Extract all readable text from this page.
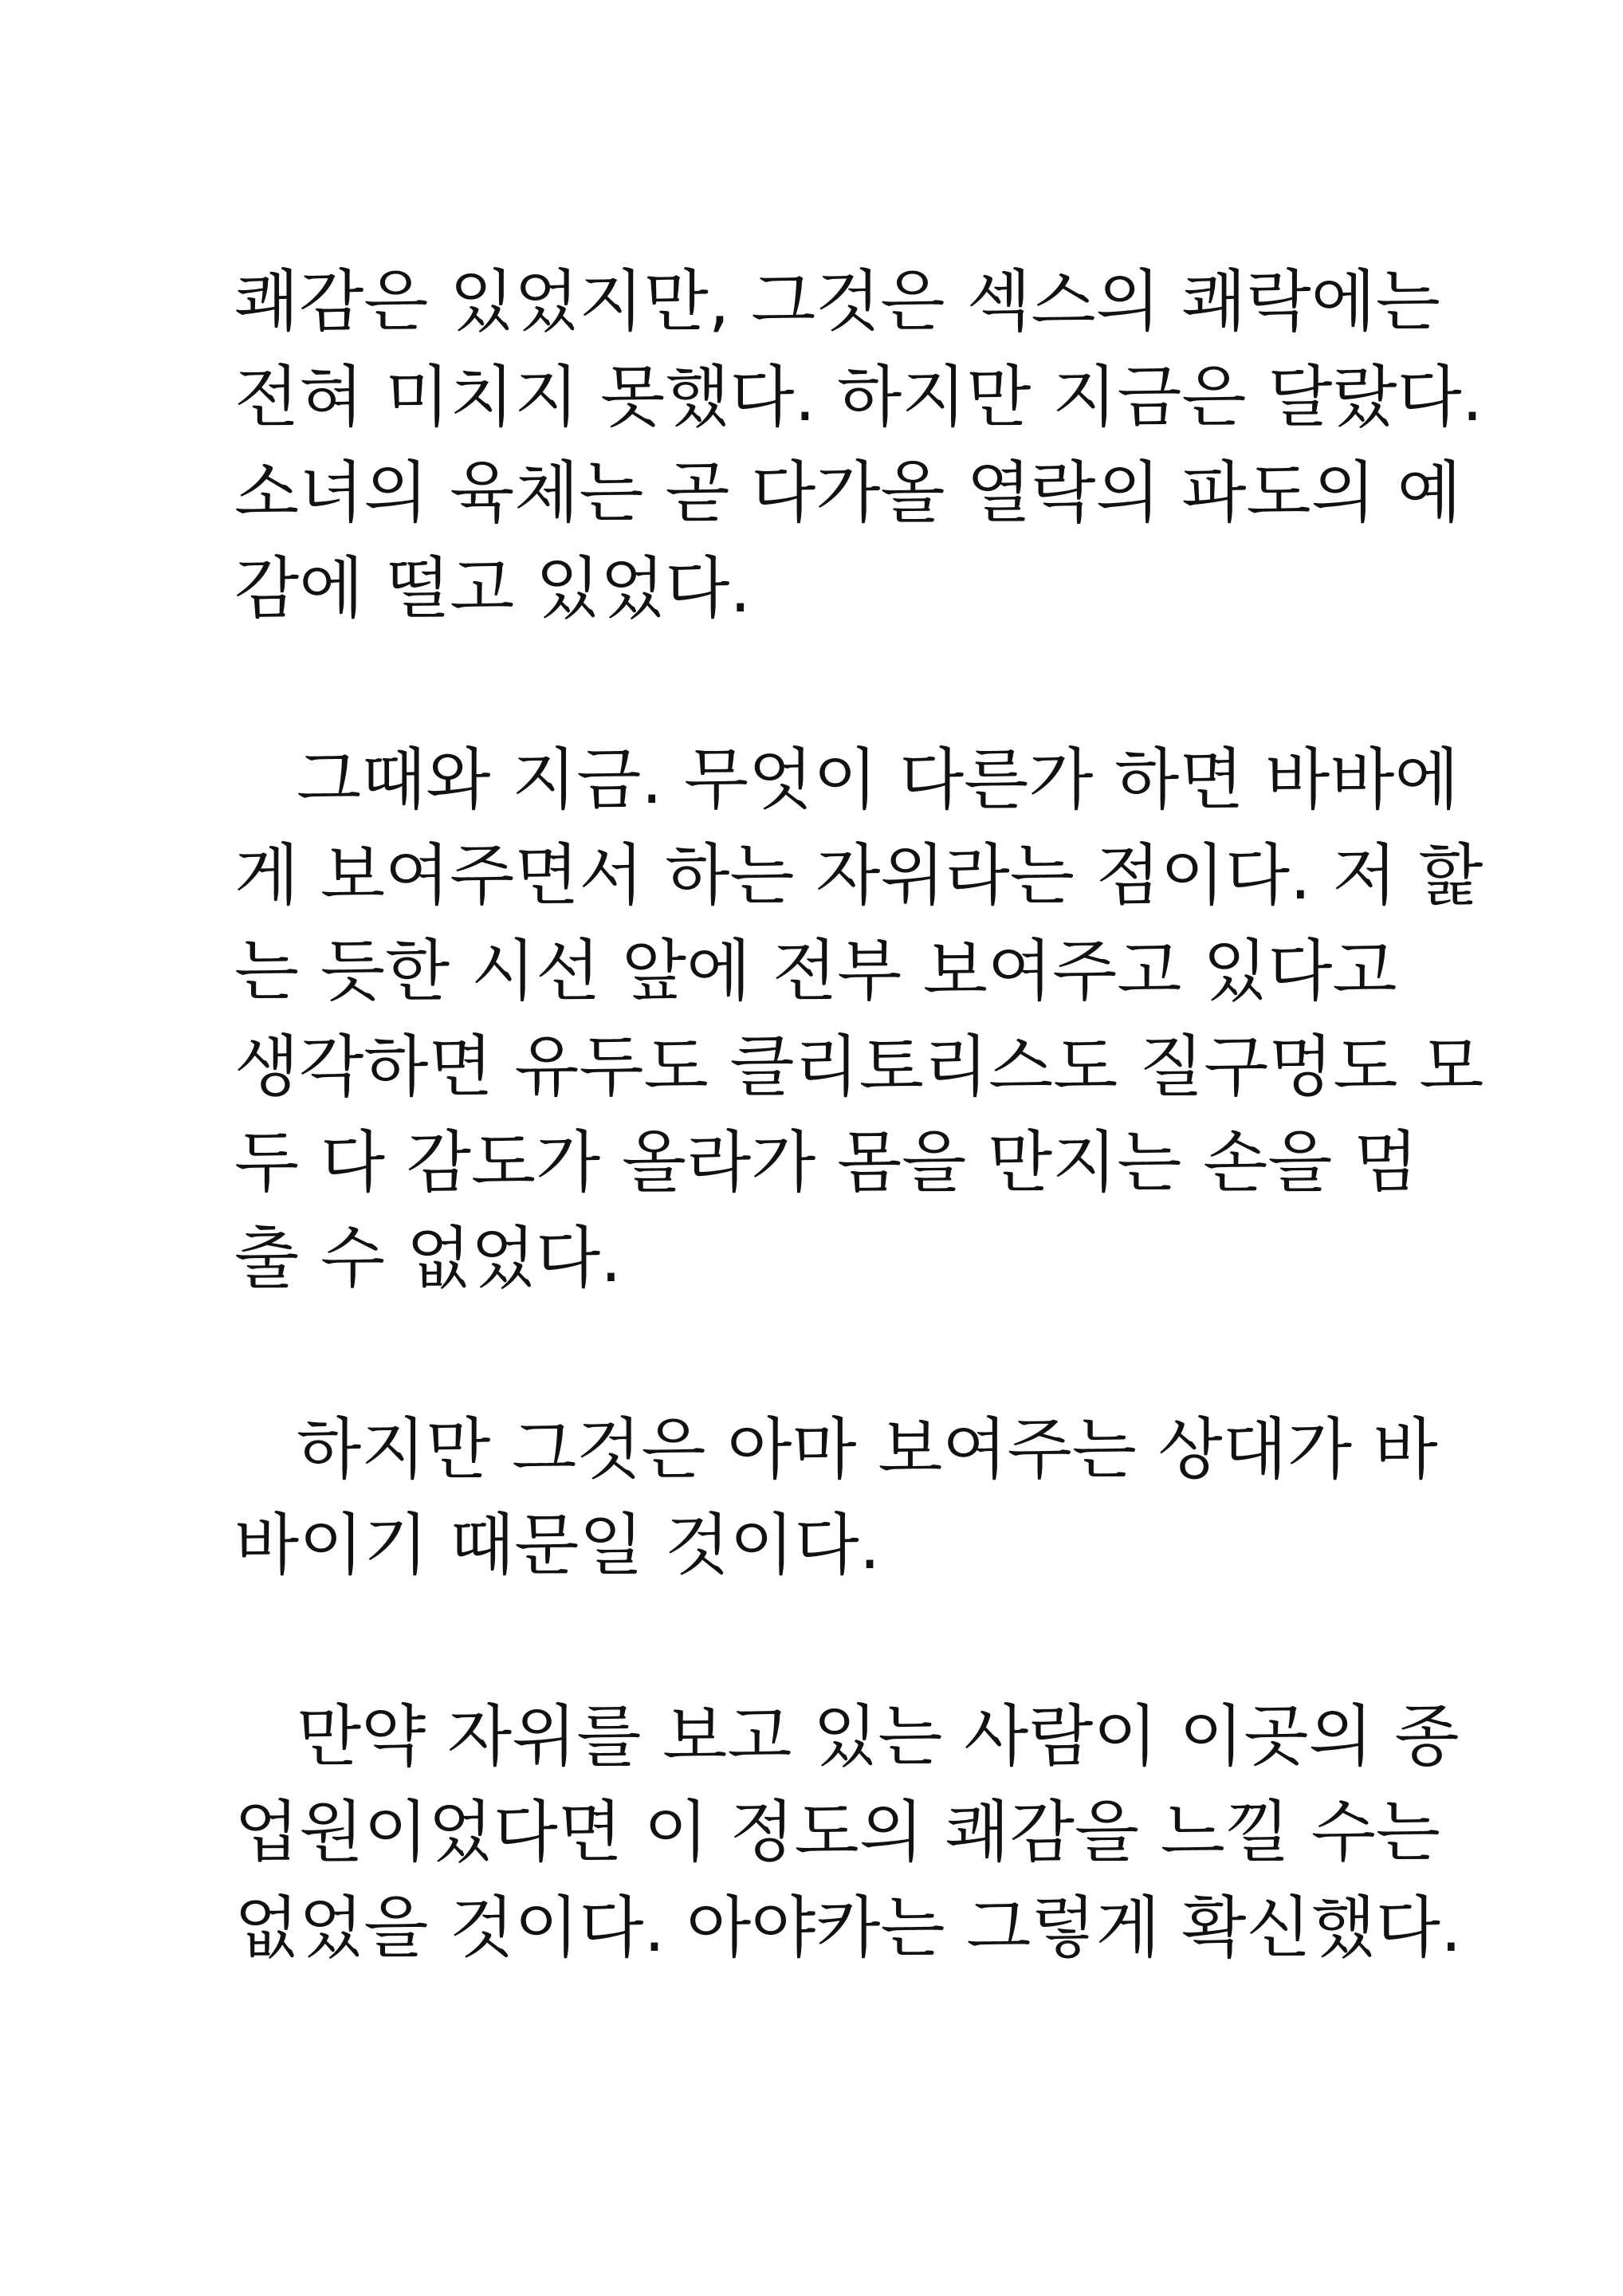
쾌감은 있었지만, 그것은 섹스의 쾌락에는
전혀 미치지 못했다. 하지만 지금은 달랐다.
소녀의 육체는 곧 다가올 열락의 파도의 예
감에 떨고 있었다.

그때와 지금. 무엇이 다른가 하면 바바에
게 보여주면서 하는 자위라는 점이다. 저 핥
는 듯한 시선 앞에 전부 보여주고 있다고
생각하면 유두도 클리토리스도 질구멍도 모
두 다 감도가 올라가 몸을 만지는 손을 멈
출 수 없었다.

하지만 그것은 아마 보여주는 상대가 바
바이기 때문일 것이다.

만약 자위를 보고 있는 사람이 이곳의 종
업원이었다면 이 정도의 쾌감을 느낄 수는
없었을 것이다. 아야카는 그렇게 확신했다.
